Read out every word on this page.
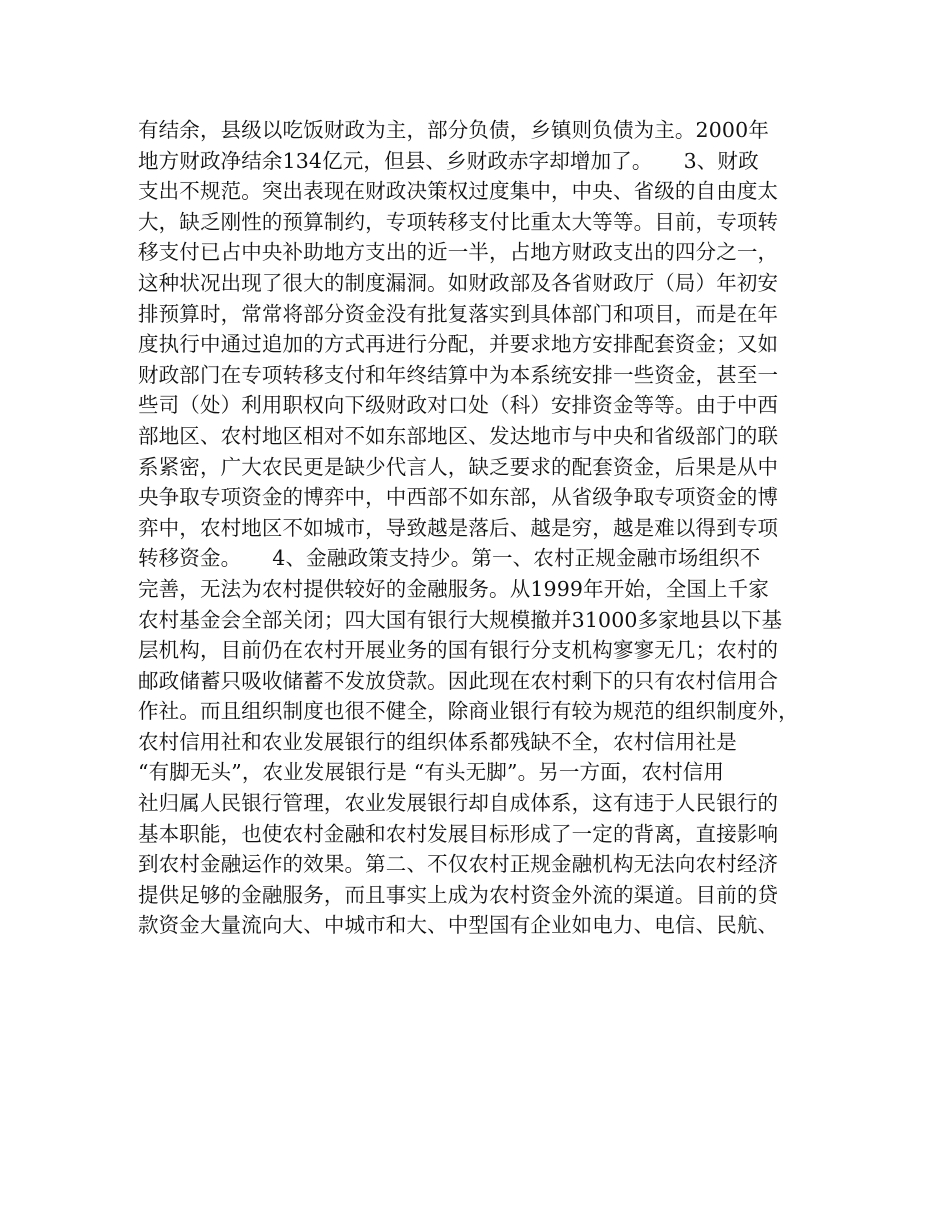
有结余，县级以吃饭财政为主，部分负债，乡镇则负债为主。2000年
地方财政净结余134亿元，但县、乡财政赤字却增加了。　　3、财政
支出不规范。突出表现在财政决策权过度集中，中央、省级的自由度太
大，缺乏刚性的预算制约，专项转移支付比重太大等等。目前，专项转
移支付已占中央补助地方支出的近一半，占地方财政支出的四分之一，
这种状况出现了很大的制度漏洞。如财政部及各省财政厅（局）年初安
排预算时，常常将部分资金没有批复落实到具体部门和项目，而是在年
度执行中通过追加的方式再进行分配，并要求地方安排配套资金；又如
财政部门在专项转移支付和年终结算中为本系统安排一些资金，甚至一
些司（处）利用职权向下级财政对口处（科）安排资金等等。由于中西
部地区、农村地区相对不如东部地区、发达地市与中央和省级部门的联
系紧密，广大农民更是缺少代言人，缺乏要求的配套资金，后果是从中
央争取专项资金的博弈中，中西部不如东部，从省级争取专项资金的博
弈中，农村地区不如城市，导致越是落后、越是穷，越是难以得到专项
转移资金。　　4、金融政策支持少。第一、农村正规金融市场组织不
完善，无法为农村提供较好的金融服务。从1999年开始，全国上千家
农村基金会全部关闭；四大国有银行大规模撤并31000多家地县以下基
层机构，目前仍在农村开展业务的国有银行分支机构寥寥无几；农村的
邮政储蓄只吸收储蓄不发放贷款。因此现在农村剩下的只有农村信用合
作社。而且组织制度也很不健全，除商业银行有较为规范的组织制度外，
农村信用社和农业发展银行的组织体系都残缺不全，农村信用社是
“有脚无头”，农业发展银行是 “有头无脚”。另一方面，农村信用
社归属人民银行管理，农业发展银行却自成体系，这有违于人民银行的
基本职能，也使农村金融和农村发展目标形成了一定的背离，直接影响
到农村金融运作的效果。第二、不仅农村正规金融机构无法向农村经济
提供足够的金融服务，而且事实上成为农村资金外流的渠道。目前的贷
款资金大量流向大、中城市和大、中型国有企业如电力、电信、民航、
